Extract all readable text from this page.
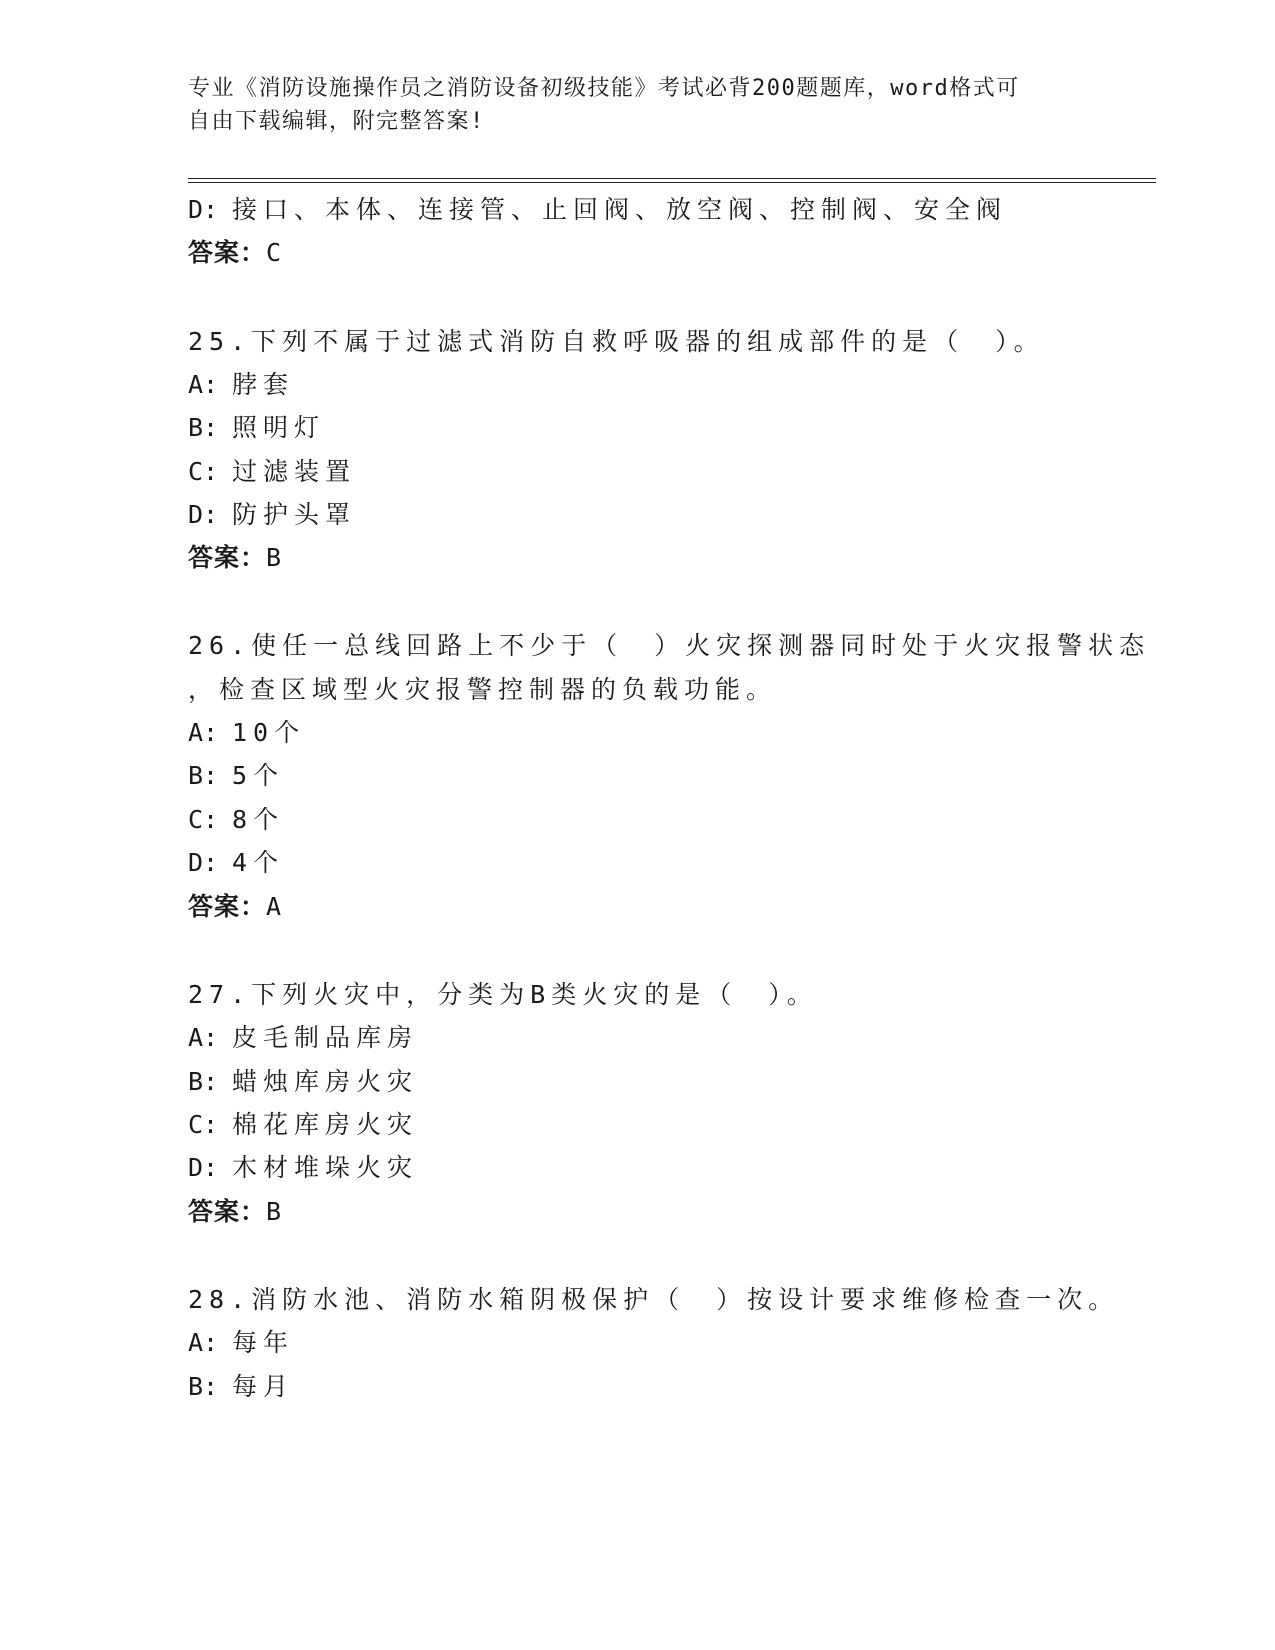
专业《消防设施操作员之消防设备初级技能》考试必背200题题库，word格式可
自由下载编辑，附完整答案!
D: 接口、本体、连接管、止回阀、放空阀、控制阀、安全阀
答案：C
25.下列不属于过滤式消防自救呼吸器的组成部件的是（　）。
A: 脖套
B: 照明灯
C: 过滤装置
D: 防护头罩
答案：B
26.使任一总线回路上不少于（　）火灾探测器同时处于火灾报警状态
，检查区域型火灾报警控制器的负载功能。
A: 10个
B: 5个
C: 8个
D: 4个
答案：A
27.下列火灾中，分类为B类火灾的是（　）。
A: 皮毛制品库房
B: 蜡烛库房火灾
C: 棉花库房火灾
D: 木材堆垛火灾
答案：B
28.消防水池、消防水箱阴极保护（　）按设计要求维修检查一次。
A: 每年
B: 每月
